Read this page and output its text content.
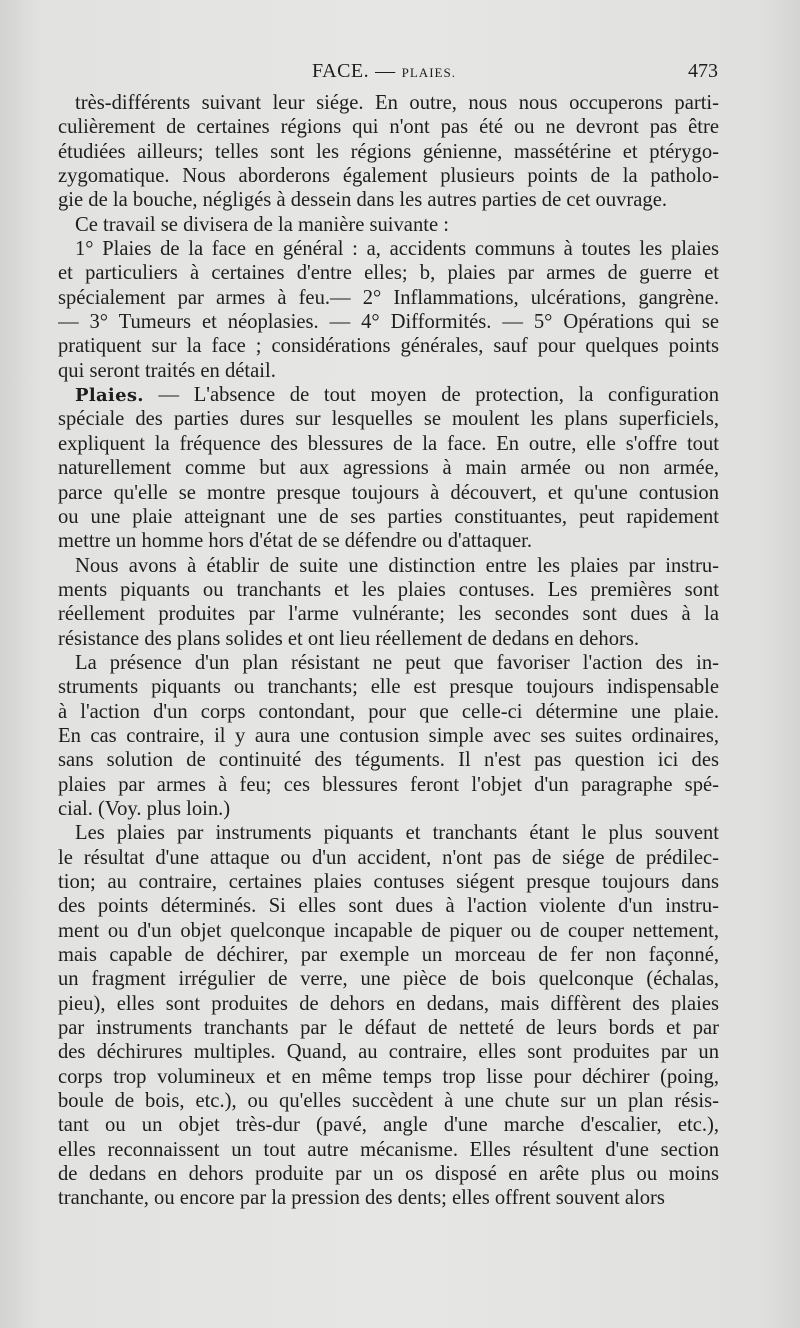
FACE. — PLAIES.	473
très-différents suivant leur siége. En outre, nous nous occuperons parti-
culièrement de certaines régions qui n'ont pas été ou ne devront pas être
étudiées ailleurs; telles sont les régions génienne, massétérine et ptérygo-
zygomatique. Nous aborderons également plusieurs points de la patholo-
gie de la bouche, négligés à dessein dans les autres parties de cet ouvrage.
Ce travail se divisera de la manière suivante :
1° Plaies de la face en général : a, accidents communs à toutes les plaies
et particuliers à certaines d'entre elles; b, plaies par armes de guerre et
spécialement par armes à feu.— 2° Inflammations, ulcérations, gangrène.
— 3° Tumeurs et néoplasies. — 4° Difformités. — 5° Opérations qui se
pratiquent sur la face ; considérations générales, sauf pour quelques points
qui seront traités en détail.
Plaies. — L'absence de tout moyen de protection, la configuration
spéciale des parties dures sur lesquelles se moulent les plans superficiels,
expliquent la fréquence des blessures de la face. En outre, elle s'offre tout
naturellement comme but aux agressions à main armée ou non armée,
parce qu'elle se montre presque toujours à découvert, et qu'une contusion
ou une plaie atteignant une de ses parties constituantes, peut rapidement
mettre un homme hors d'état de se défendre ou d'attaquer.
Nous avons à établir de suite une distinction entre les plaies par instru-
ments piquants ou tranchants et les plaies contuses. Les premières sont
réellement produites par l'arme vulnérante; les secondes sont dues à la
résistance des plans solides et ont lieu réellement de dedans en dehors.
La présence d'un plan résistant ne peut que favoriser l'action des in-
struments piquants ou tranchants; elle est presque toujours indispensable
à l'action d'un corps contondant, pour que celle-ci détermine une plaie.
En cas contraire, il y aura une contusion simple avec ses suites ordinaires,
sans solution de continuité des téguments. Il n'est pas question ici des
plaies par armes à feu; ces blessures feront l'objet d'un paragraphe spé-
cial. (Voy. plus loin.)
Les plaies par instruments piquants et tranchants étant le plus souvent
le résultat d'une attaque ou d'un accident, n'ont pas de siége de prédilec-
tion; au contraire, certaines plaies contuses siégent presque toujours dans
des points déterminés. Si elles sont dues à l'action violente d'un instru-
ment ou d'un objet quelconque incapable de piquer ou de couper nettement,
mais capable de déchirer, par exemple un morceau de fer non façonné,
un fragment irrégulier de verre, une pièce de bois quelconque (échalas,
pieu), elles sont produites de dehors en dedans, mais diffèrent des plaies
par instruments tranchants par le défaut de netteté de leurs bords et par
des déchirures multiples. Quand, au contraire, elles sont produites par un
corps trop volumineux et en même temps trop lisse pour déchirer (poing,
boule de bois, etc.), ou qu'elles succèdent à une chute sur un plan résis-
tant ou un objet très-dur (pavé, angle d'une marche d'escalier, etc.),
elles reconnaissent un tout autre mécanisme. Elles résultent d'une section
de dedans en dehors produite par un os disposé en arête plus ou moins
tranchante, ou encore par la pression des dents; elles offrent souvent alors
